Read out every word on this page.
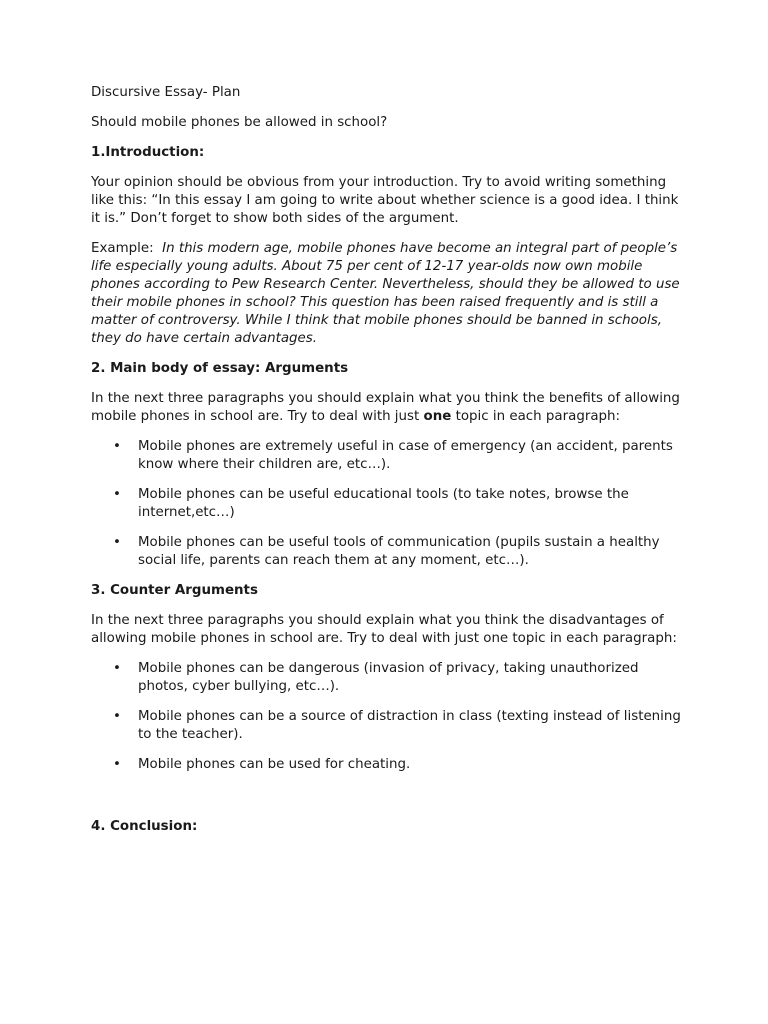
Discursive Essay- Plan

Should mobile phones be allowed in school?

1.Introduction:

Your opinion should be obvious from your introduction. Try to avoid writing something like this: “In this essay I am going to write about whether science is a good idea. I think it is.” Don’t forget to show both sides of the argument.

Example: In this modern age, mobile phones have become an integral part of people’s life especially young adults. About 75 per cent of 12-17 year-olds now own mobile phones according to Pew Research Center. Nevertheless, should they be allowed to use their mobile phones in school? This question has been raised frequently and is still a matter of controversy. While I think that mobile phones should be banned in schools, they do have certain advantages.

2. Main body of essay: Arguments

In the next three paragraphs you should explain what you think the benefits of allowing mobile phones in school are. Try to deal with just one topic in each paragraph:

• Mobile phones are extremely useful in case of emergency (an accident, parents know where their children are, etc…).
• Mobile phones can be useful educational tools (to take notes, browse the internet,etc…)
• Mobile phones can be useful tools of communication (pupils sustain a healthy social life, parents can reach them at any moment, etc…).

3. Counter Arguments

In the next three paragraphs you should explain what you think the disadvantages of allowing mobile phones in school are. Try to deal with just one topic in each paragraph:

• Mobile phones can be dangerous (invasion of privacy, taking unauthorized photos, cyber bullying, etc…).
• Mobile phones can be a source of distraction in class (texting instead of listening to the teacher).
• Mobile phones can be used for cheating.

4. Conclusion:
